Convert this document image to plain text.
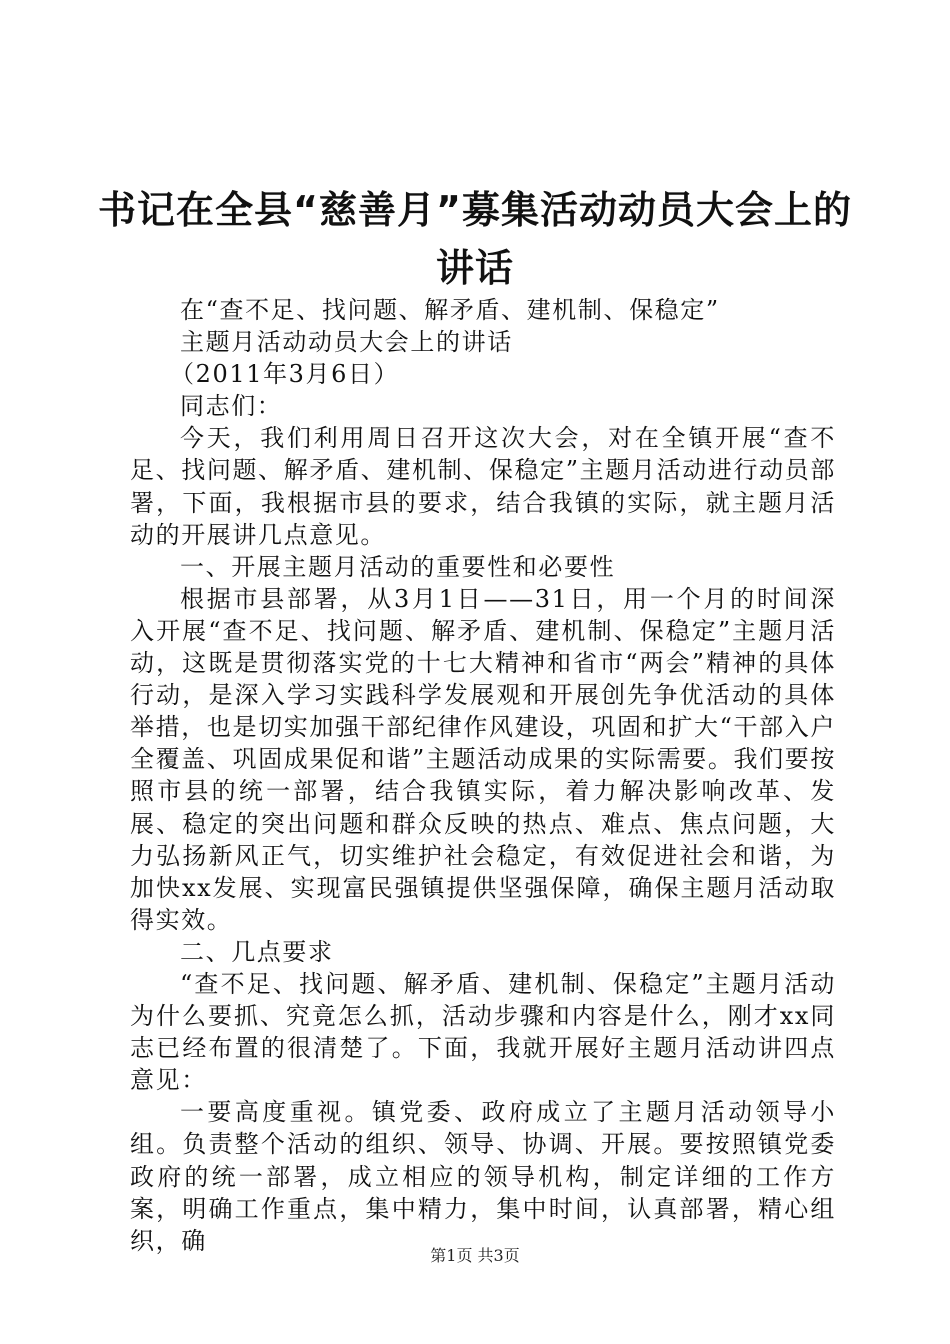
书记在全县“慈善月”募集活动动员大会上的
讲话

在“查不足、找问题、解矛盾、建机制、保稳定”

主题月活动动员大会上的讲话

（2011年3月6日）

同志们：

今天，我们利用周日召开这次大会，对在全镇开展“查不足、找问题、解矛盾、建机制、保稳定”主题月活动进行动员部署，下面，我根据市县的要求，结合我镇的实际，就主题月活动的开展讲几点意见。

一、开展主题月活动的重要性和必要性

根据市县部署，从3月1日——31日，用一个月的时间深入开展“查不足、找问题、解矛盾、建机制、保稳定”主题月活动，这既是贯彻落实党的十七大精神和省市“两会”精神的具体行动，是深入学习实践科学发展观和开展创先争优活动的具体举措，也是切实加强干部纪律作风建设，巩固和扩大“干部入户全覆盖、巩固成果促和谐”主题活动成果的实际需要。我们要按照市县的统一部署，结合我镇实际，着力解决影响改革、发展、稳定的突出问题和群众反映的热点、难点、焦点问题，大力弘扬新风正气，切实维护社会稳定，有效促进社会和谐，为加快xx发展、实现富民强镇提供坚强保障，确保主题月活动取得实效。

二、几点要求

“查不足、找问题、解矛盾、建机制、保稳定”主题月活动为什么要抓、究竟怎么抓，活动步骤和内容是什么，刚才xx同志已经布置的很清楚了。下面，我就开展好主题月活动讲四点意见：

一要高度重视。镇党委、政府成立了主题月活动领导小组。负责整个活动的组织、领导、协调、开展。要按照镇党委政府的统一部署，成立相应的领导机构，制定详细的工作方案，明确工作重点，集中精力，集中时间，认真部署，精心组织，确

第1页 共3页
